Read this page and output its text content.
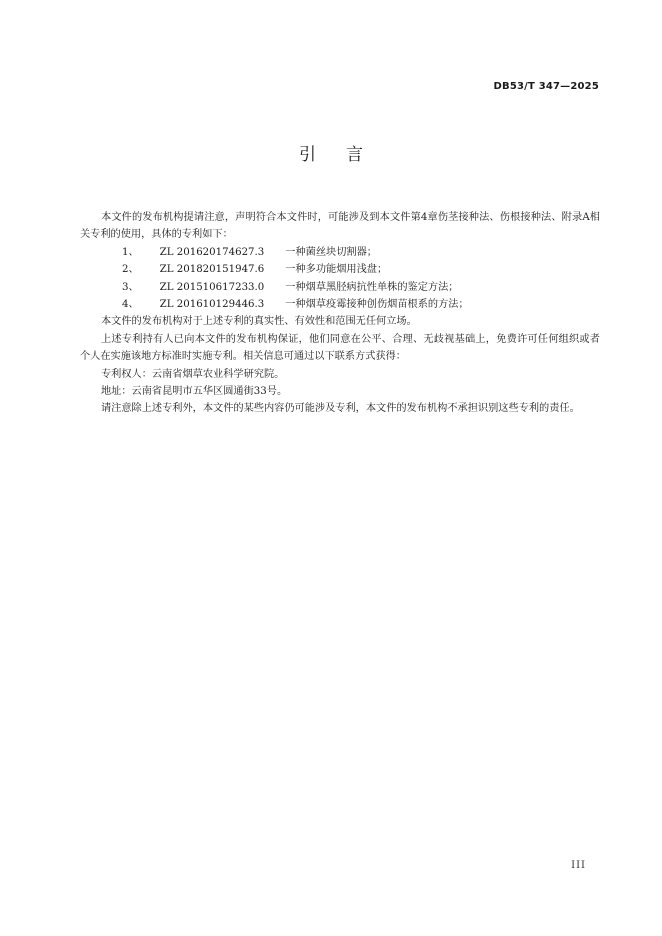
DB53/T 347—2025
引言

本文件的发布机构提请注意，声明符合本文件时，可能涉及到本文件第4章伤茎接种法、伤根接种法、附录A相关专利的使用，具体的专利如下：

1、 ZL 201620174627.3 一种菌丝块切割器；

2、 ZL 201820151947.6 一种多功能烟用浅盘；

3、 ZL 201510617233.0 一种烟草黑胫病抗性单株的鉴定方法；

4、 ZL 201610129446.3 一种烟草疫霉接种创伤烟苗根系的方法；

本文件的发布机构对于上述专利的真实性、有效性和范围无任何立场。

上述专利持有人已向本文件的发布机构保证，他们同意在公平、合理、无歧视基础上，免费许可任何组织或者个人在实施该地方标准时实施专利。相关信息可通过以下联系方式获得：

专利权人：云南省烟草农业科学研究院。

地址：云南省昆明市五华区圆通街33号。

请注意除上述专利外，本文件的某些内容仍可能涉及专利，本文件的发布机构不承担识别这些专利的责任。

III
